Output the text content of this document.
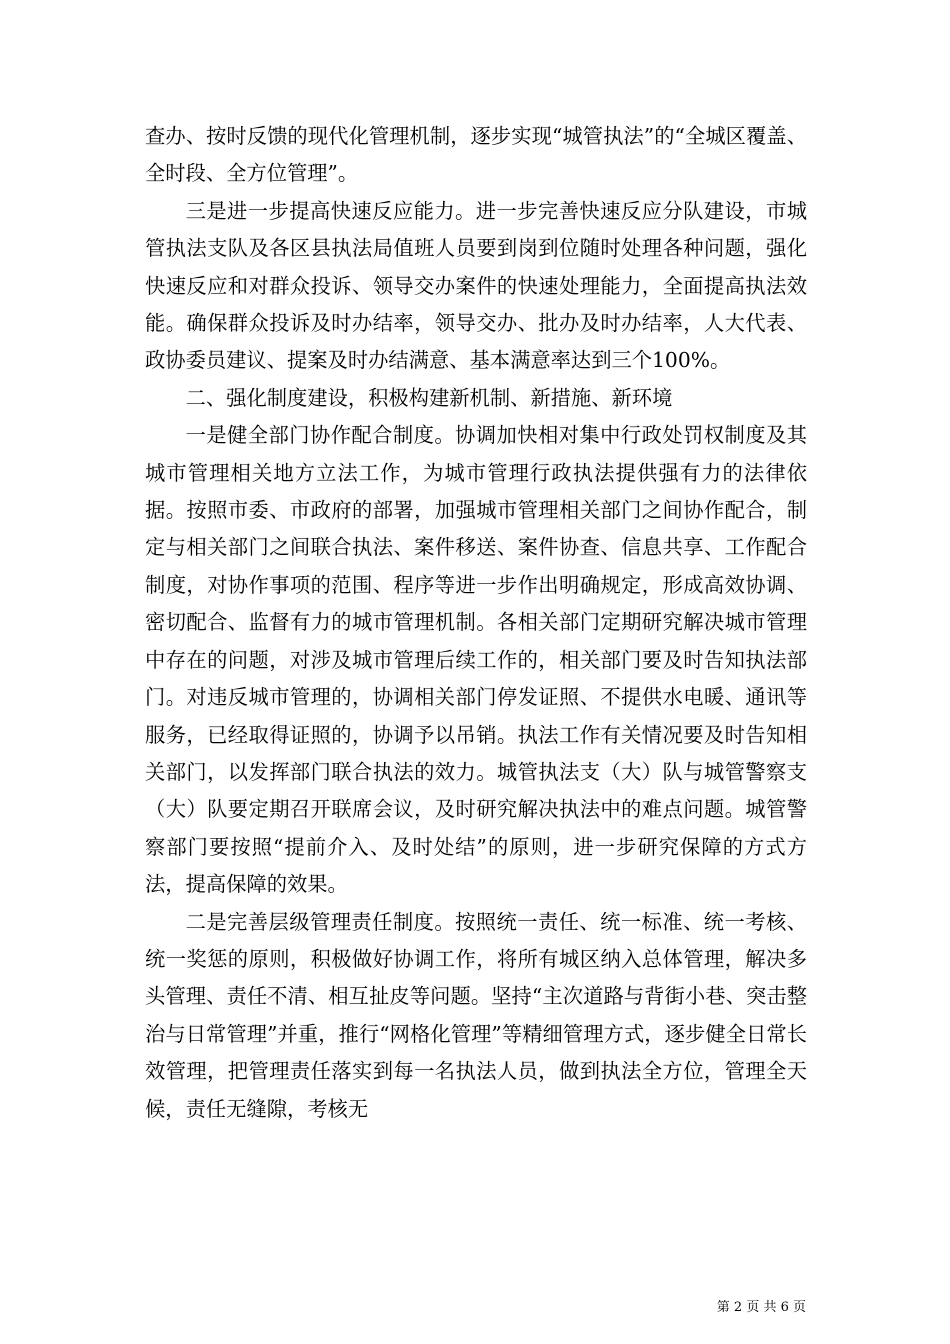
查办、按时反馈的现代化管理机制，逐步实现“城管执法”的“全城区覆盖、全时段、全方位管理”。

三是进一步提高快速反应能力。进一步完善快速反应分队建设，市城管执法支队及各区县执法局值班人员要到岗到位随时处理各种问题，强化快速反应和对群众投诉、领导交办案件的快速处理能力，全面提高执法效能。确保群众投诉及时办结率，领导交办、批办及时办结率，人大代表、政协委员建议、提案及时办结满意、基本满意率达到三个100%。

二、强化制度建设，积极构建新机制、新措施、新环境

一是健全部门协作配合制度。协调加快相对集中行政处罚权制度及其城市管理相关地方立法工作，为城市管理行政执法提供强有力的法律依据。按照市委、市政府的部署，加强城市管理相关部门之间协作配合，制定与相关部门之间联合执法、案件移送、案件协查、信息共享、工作配合制度，对协作事项的范围、程序等进一步作出明确规定，形成高效协调、密切配合、监督有力的城市管理机制。各相关部门定期研究解决城市管理中存在的问题，对涉及城市管理后续工作的，相关部门要及时告知执法部门。对违反城市管理的，协调相关部门停发证照、不提供水电暖、通讯等服务，已经取得证照的，协调予以吊销。执法工作有关情况要及时告知相关部门，以发挥部门联合执法的效力。城管执法支（大）队与城管警察支（大）队要定期召开联席会议，及时研究解决执法中的难点问题。城管警察部门要按照“提前介入、及时处结”的原则，进一步研究保障的方式方法，提高保障的效果。

二是完善层级管理责任制度。按照统一责任、统一标准、统一考核、统一奖惩的原则，积极做好协调工作，将所有城区纳入总体管理，解决多头管理、责任不清、相互扯皮等问题。坚持“主次道路与背街小巷、突击整治与日常管理”并重，推行“网格化管理”等精细管理方式，逐步健全日常长效管理，把管理责任落实到每一名执法人员，做到执法全方位，管理全天候，责任无缝隙，考核无

第 2 页 共 6 页
